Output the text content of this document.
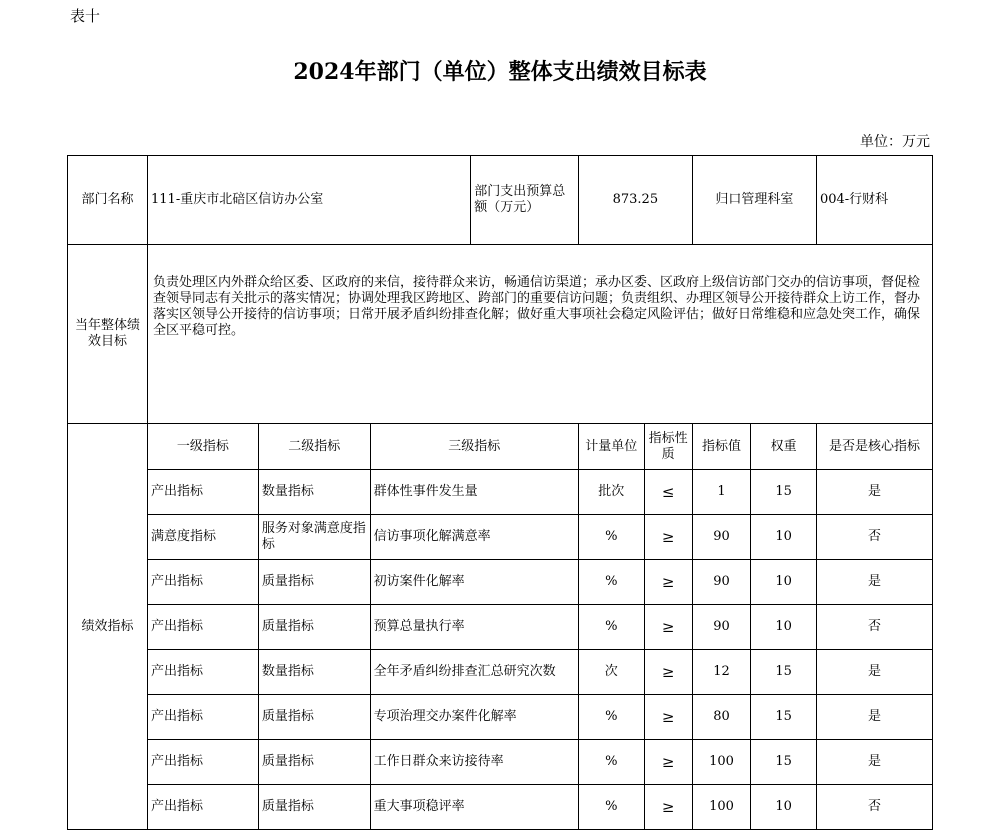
表十
2024年部门（单位）整体支出绩效目标表
单位：万元
部门名称	111-重庆市北碚区信访办公室			部门支出预算总额（万元）	873.25		归口管理科室		004-行财科
当年整体绩效目标	负责处理区内外群众给区委、区政府的来信，接待群众来访，畅通信访渠道；承办区委、区政府上级信访部门交办的信访事项，督促检查领导同志有关批示的落实情况；协调处理我区跨地区、跨部门的重要信访问题；负责组织、办理区领导公开接待群众上访工作，督办落实区领导公开接待的信访事项；日常开展矛盾纠纷排查化解；做好重大事项社会稳定风险评估；做好日常维稳和应急处突工作，确保全区平稳可控。								
绩效指标	一级指标	二级指标	三级指标		计量单位	指标性质	指标值	权重	是否是核心指标
	产出指标	数量指标	群体性事件发生量		批次	≤	1	15	是
	满意度指标	服务对象满意度指标	信访事项化解满意率		%	≥	90	10	否
	产出指标	质量指标	初访案件化解率		%	≥	90	10	是
	产出指标	质量指标	预算总量执行率		%	≥	90	10	否
	产出指标	数量指标	全年矛盾纠纷排查汇总研究次数		次	≥	12	15	是
	产出指标	质量指标	专项治理交办案件化解率		%	≥	80	15	是
	产出指标	质量指标	工作日群众来访接待率		%	≥	100	15	是
	产出指标	质量指标	重大事项稳评率		%	≥	100	10	否
